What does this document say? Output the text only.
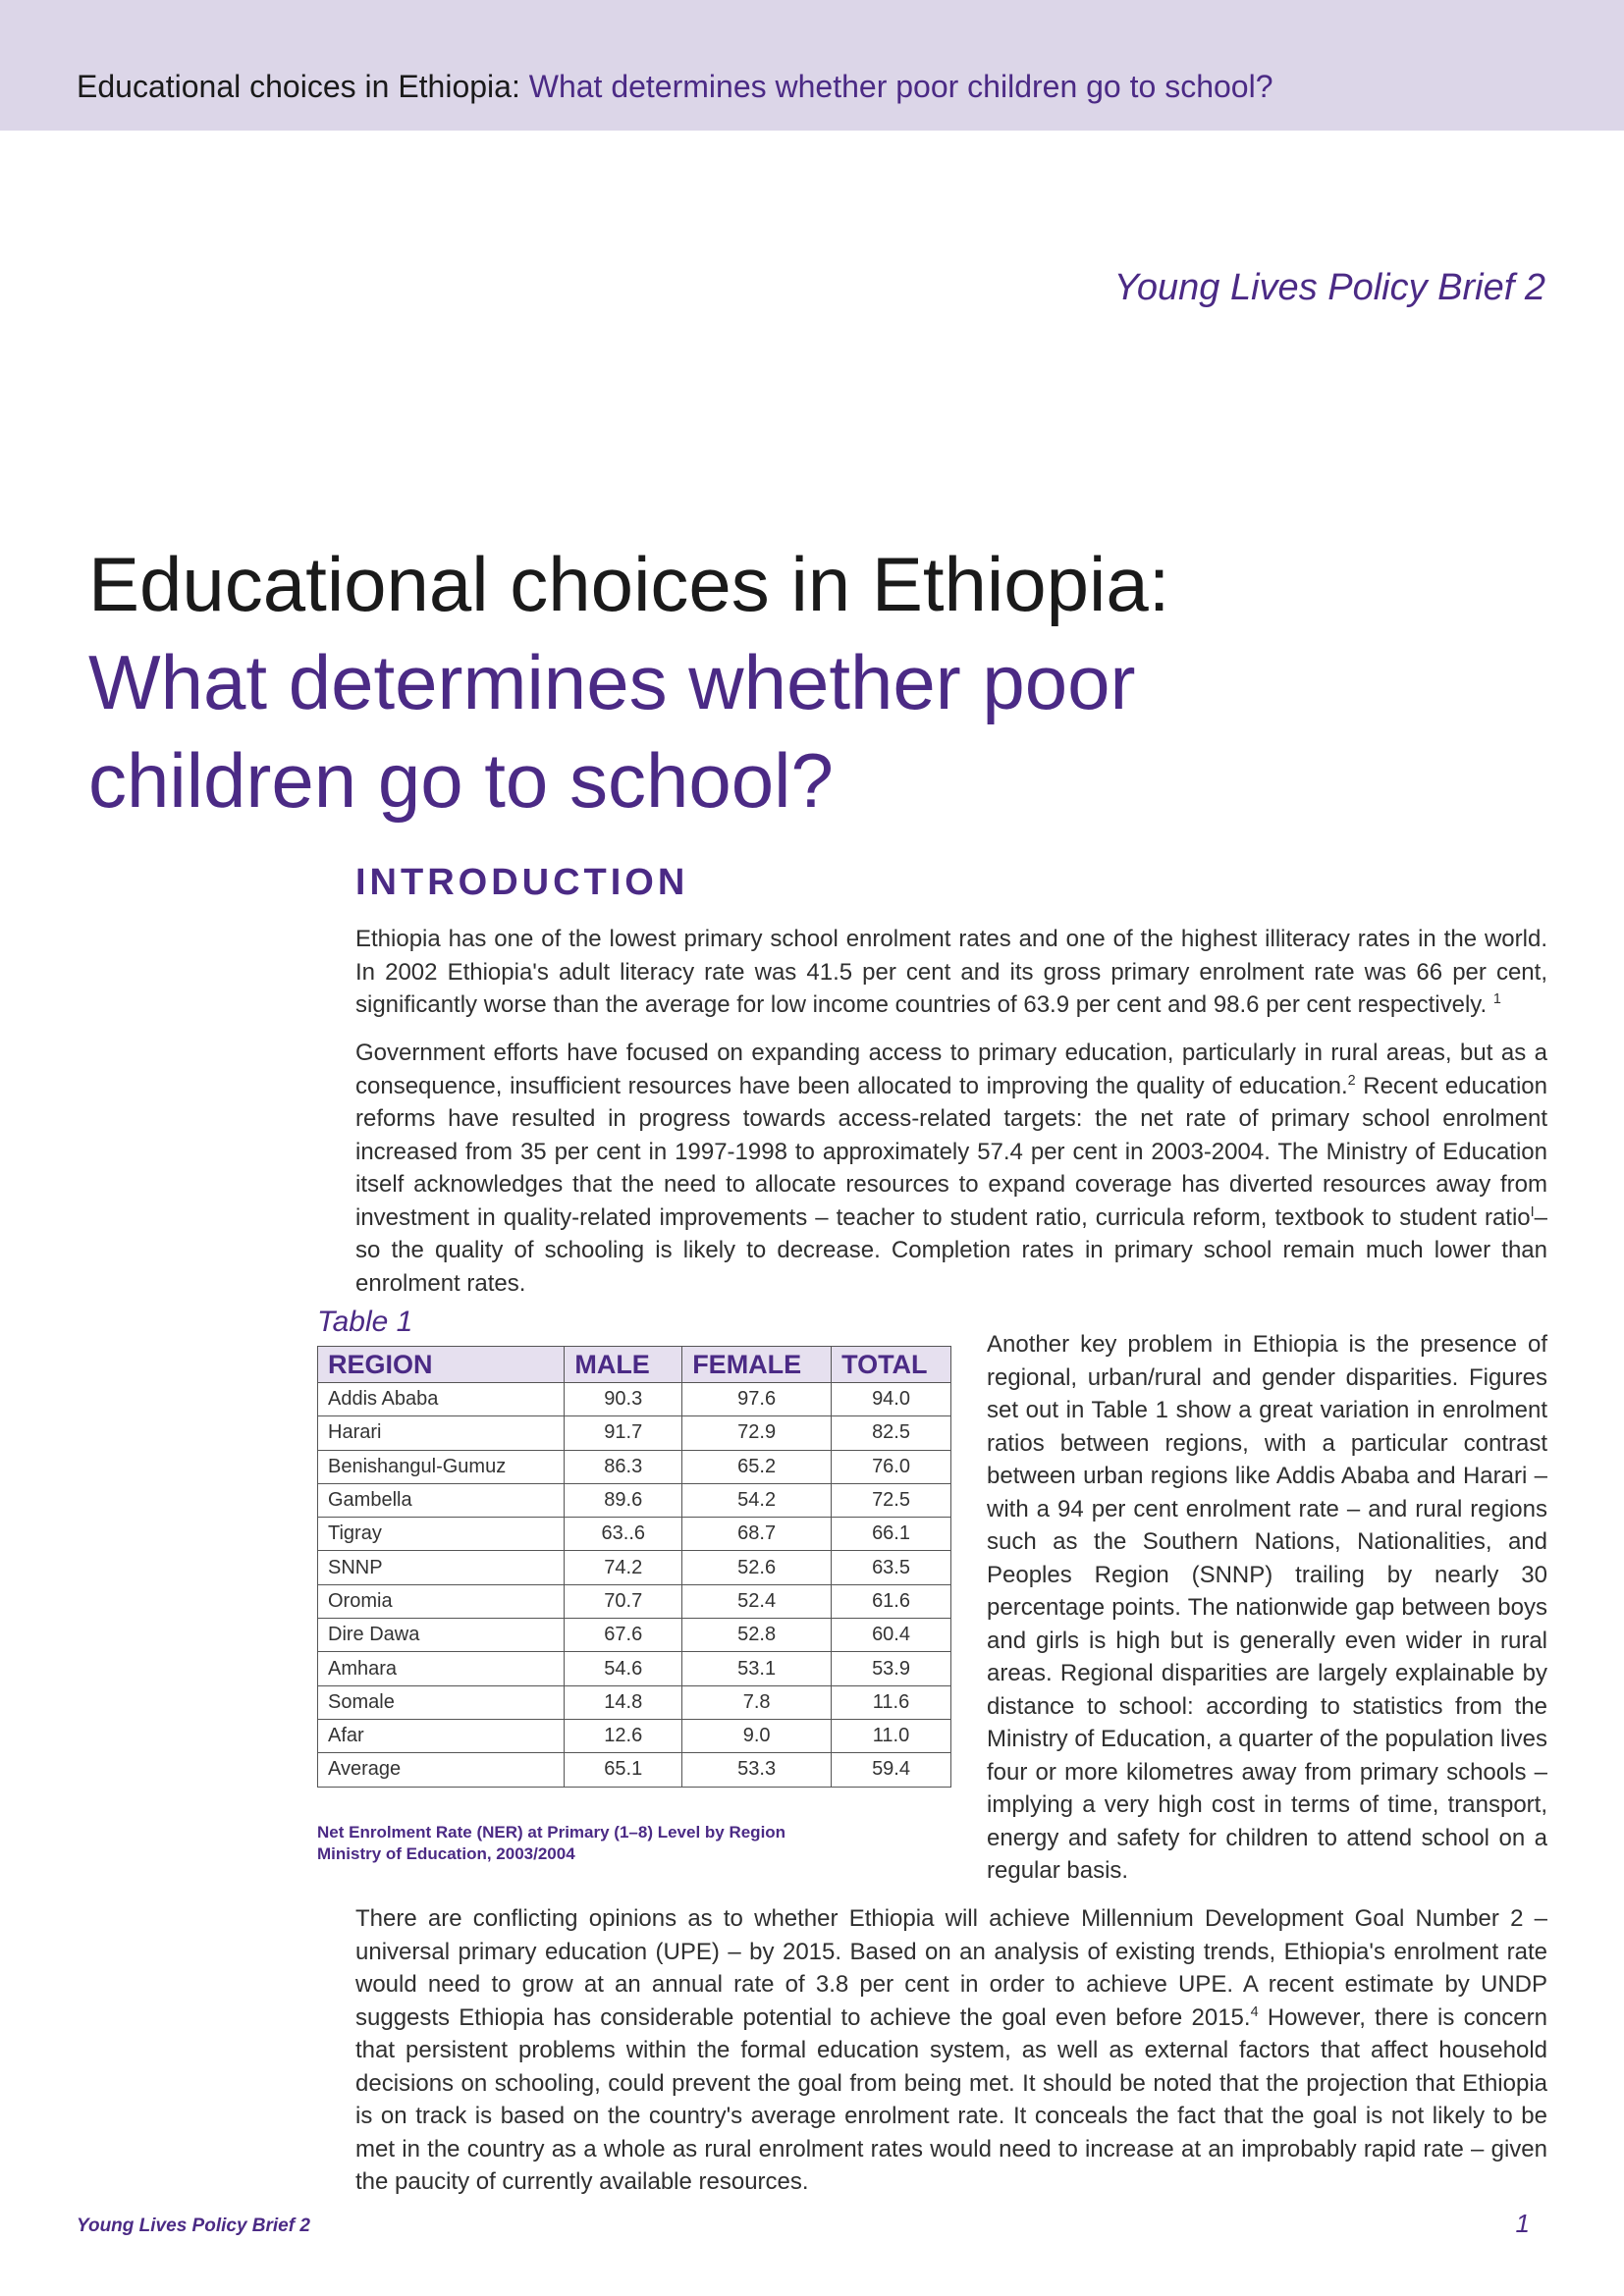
Educational choices in Ethiopia: What determines whether poor children go to school?
Young Lives Policy Brief 2
Educational choices in Ethiopia:
What determines whether poor
children go to school?
INTRODUCTION

Ethiopia has one of the lowest primary school enrolment rates and one of the highest illiteracy rates in the world. In 2002 Ethiopia's adult literacy rate was 41.5 per cent and its gross primary enrolment rate was 66 per cent, significantly worse than the average for low income countries of 63.9 per cent and 98.6 per cent respectively. $^1$

Government efforts have focused on expanding access to primary education, particularly in rural areas, but as a consequence, insufficient resources have been allocated to improving the quality of education.$^2$ Recent education reforms have resulted in progress towards access-related targets: the net rate of primary school enrolment increased from 35 per cent in 1997-1998 to approximately 57.4 per cent in 2003-2004. The Ministry of Education itself acknowledges that the need to allocate resources to expand coverage has diverted resources away from investment in quality-related improvements – teacher to student ratio, curricula reform, textbook to student ratio$^I$– so the quality of schooling is likely to decrease. Completion rates in primary school remain much lower than enrolment rates.

Table 1
REGION	MALE	FEMALE	TOTAL
Addis Ababa	90.3	97.6	94.0
Harari	91.7	72.9	82.5
Benishangul-Gumuz	86.3	65.2	76.0
Gambella	89.6	54.2	72.5
Tigray	63..6	68.7	66.1
SNNP	74.2	52.6	63.5
Oromia	70.7	52.4	61.6
Dire Dawa	67.6	52.8	60.4
Amhara	54.6	53.1	53.9
Somale	14.8	7.8	11.6
Afar	12.6	9.0	11.0
Average	65.1	53.3	59.4
Net Enrolment Rate (NER) at Primary (1–8) Level by Region
Ministry of Education, 2003/2004

Another key problem in Ethiopia is the presence of regional, urban/rural and gender disparities. Figures set out in Table 1 show a great variation in enrolment ratios between regions, with a particular contrast between urban regions like Addis Ababa and Harari – with a 94 per cent enrolment rate – and rural regions such as the Southern Nations, Nationalities, and Peoples Region (SNNP) trailing by nearly 30 percentage points. The nationwide gap between boys and girls is high but is generally even wider in rural areas. Regional disparities are largely explainable by distance to school: according to statistics from the Ministry of Education, a quarter of the population lives four or more kilometres away from primary schools – implying a very high cost in terms of time, transport, energy and safety for children to attend school on a regular basis.

There are conflicting opinions as to whether Ethiopia will achieve Millennium Development Goal Number 2 – universal primary education (UPE) – by 2015. Based on an analysis of existing trends, Ethiopia's enrolment rate would need to grow at an annual rate of 3.8 per cent in order to achieve UPE. A recent estimate by UNDP suggests Ethiopia has considerable potential to achieve the goal even before 2015.$^4$ However, there is concern that persistent problems within the formal education system, as well as external factors that affect household decisions on schooling, could prevent the goal from being met. It should be noted that the projection that Ethiopia is on track is based on the country's average enrolment rate. It conceals the fact that the goal is not likely to be met in the country as a whole as rural enrolment rates would need to increase at an improbably rapid rate – given the paucity of currently available resources.

Young Lives Policy Brief 2	1
